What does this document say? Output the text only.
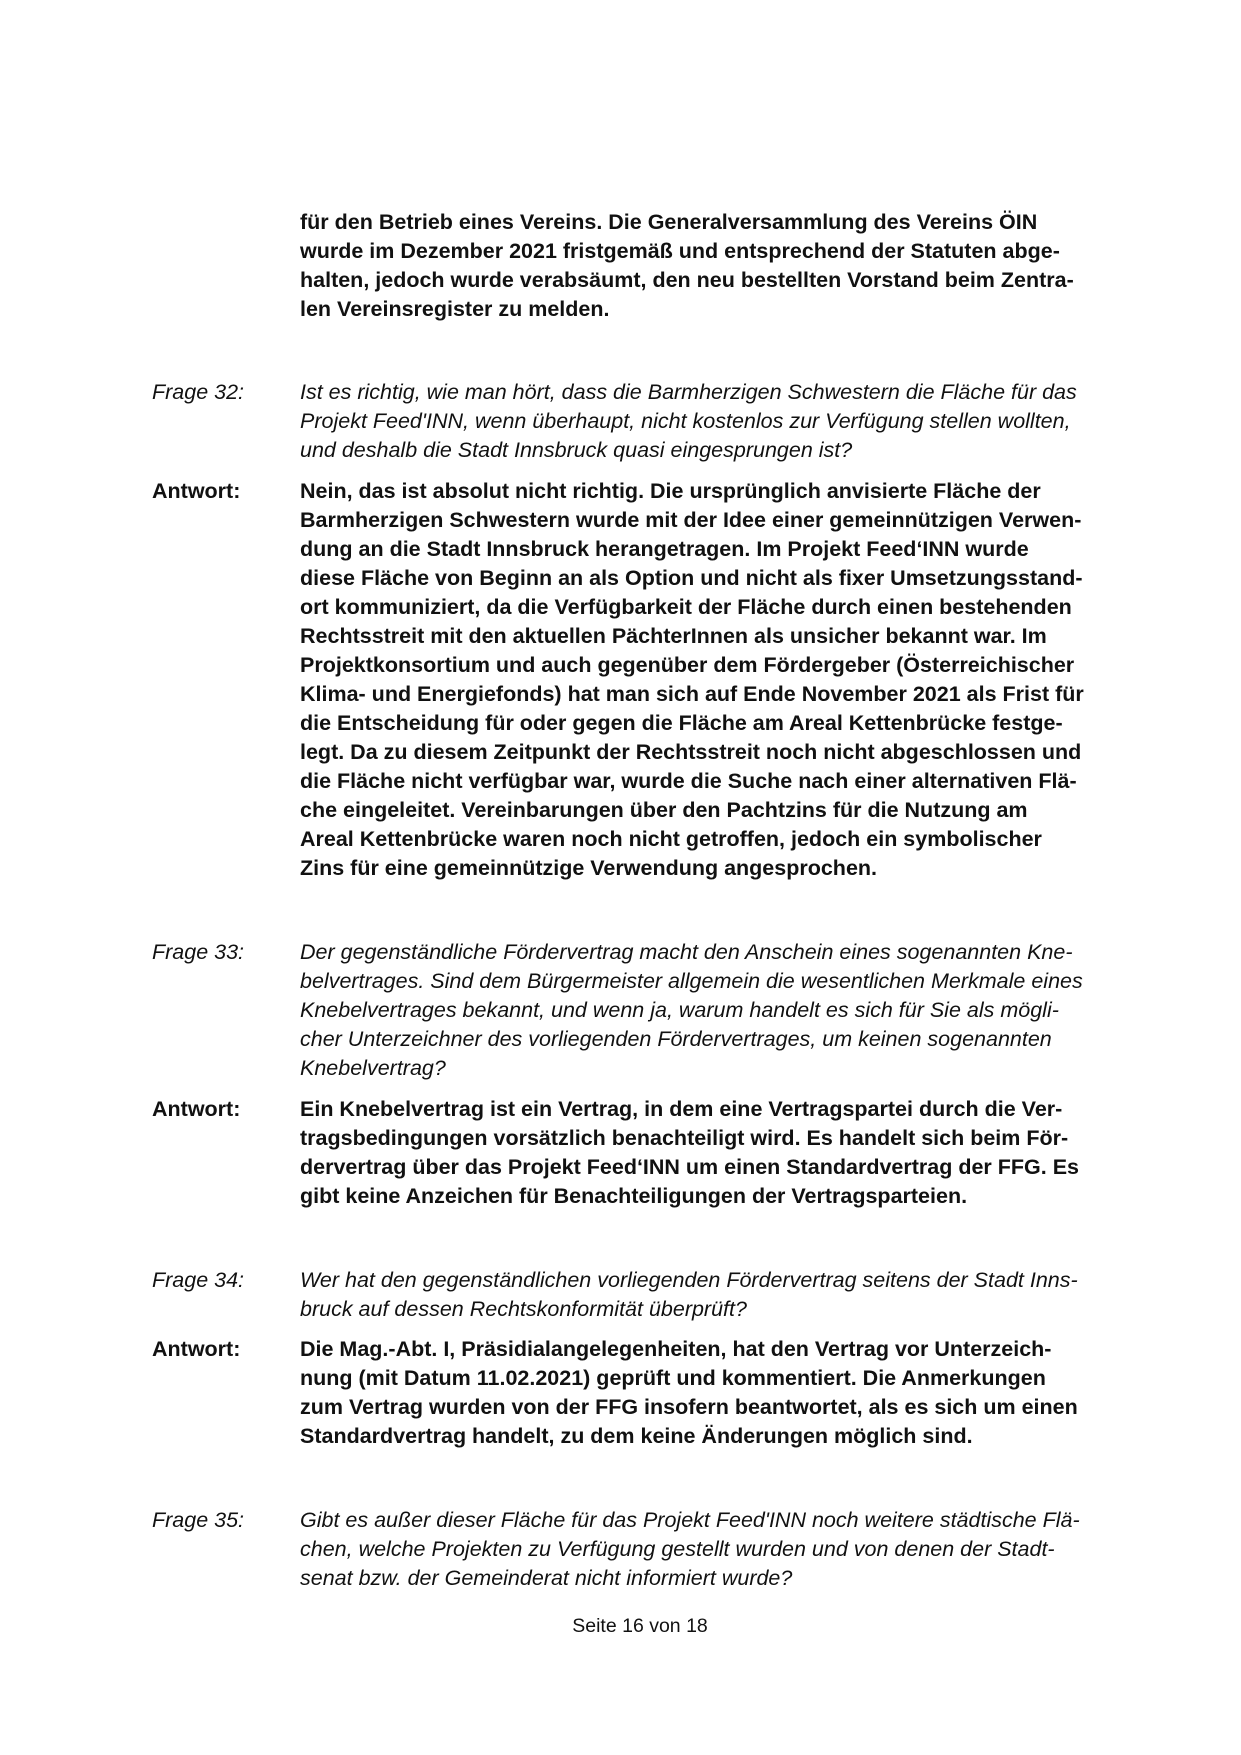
für den Betrieb eines Vereins. Die Generalversammlung des Vereins ÖIN
wurde im Dezember 2021 fristgemäß und entsprechend der Statuten abge-
halten, jedoch wurde verabsäumt, den neu bestellten Vorstand beim Zentra-
len Vereinsregister zu melden.
Frage 32:	Ist es richtig, wie man hört, dass die Barmherzigen Schwestern die Fläche für das
Projekt Feed'INN, wenn überhaupt, nicht kostenlos zur Verfügung stellen wollten,
und deshalb die Stadt Innsbruck quasi eingesprungen ist?
Antwort:	Nein, das ist absolut nicht richtig. Die ursprünglich anvisierte Fläche der
Barmherzigen Schwestern wurde mit der Idee einer gemeinnützigen Verwen-
dung an die Stadt Innsbruck herangetragen. Im Projekt Feed‘INN wurde
diese Fläche von Beginn an als Option und nicht als fixer Umsetzungsstand-
ort kommuniziert, da die Verfügbarkeit der Fläche durch einen bestehenden
Rechtsstreit mit den aktuellen PächterInnen als unsicher bekannt war. Im
Projektkonsortium und auch gegenüber dem Fördergeber (Österreichischer
Klima- und Energiefonds) hat man sich auf Ende November 2021 als Frist für
die Entscheidung für oder gegen die Fläche am Areal Kettenbrücke festge-
legt. Da zu diesem Zeitpunkt der Rechtsstreit noch nicht abgeschlossen und
die Fläche nicht verfügbar war, wurde die Suche nach einer alternativen Flä-
che eingeleitet. Vereinbarungen über den Pachtzins für die Nutzung am
Areal Kettenbrücke waren noch nicht getroffen, jedoch ein symbolischer
Zins für eine gemeinnützige Verwendung angesprochen.
Frage 33:	Der gegenständliche Fördervertrag macht den Anschein eines sogenannten Kne-
belvertrages. Sind dem Bürgermeister allgemein die wesentlichen Merkmale eines
Knebelvertrages bekannt, und wenn ja, warum handelt es sich für Sie als mögli-
cher Unterzeichner des vorliegenden Fördervertrages, um keinen sogenannten
Knebelvertrag?
Antwort:	Ein Knebelvertrag ist ein Vertrag, in dem eine Vertragspartei durch die Ver-
tragsbedingungen vorsätzlich benachteiligt wird. Es handelt sich beim För-
dervertrag über das Projekt Feed‘INN um einen Standardvertrag der FFG. Es
gibt keine Anzeichen für Benachteiligungen der Vertragsparteien.
Frage 34:	Wer hat den gegenständlichen vorliegenden Fördervertrag seitens der Stadt Inns-
bruck auf dessen Rechtskonformität überprüft?
Antwort:	Die Mag.-Abt. I, Präsidialangelegenheiten, hat den Vertrag vor Unterzeich-
nung (mit Datum 11.02.2021) geprüft und kommentiert. Die Anmerkungen
zum Vertrag wurden von der FFG insofern beantwortet, als es sich um einen
Standardvertrag handelt, zu dem keine Änderungen möglich sind.
Frage 35:	Gibt es außer dieser Fläche für das Projekt Feed'INN noch weitere städtische Flä-
chen, welche Projekten zu Verfügung gestellt wurden und von denen der Stadt-
senat bzw. der Gemeinderat nicht informiert wurde?
Seite 16 von 18
